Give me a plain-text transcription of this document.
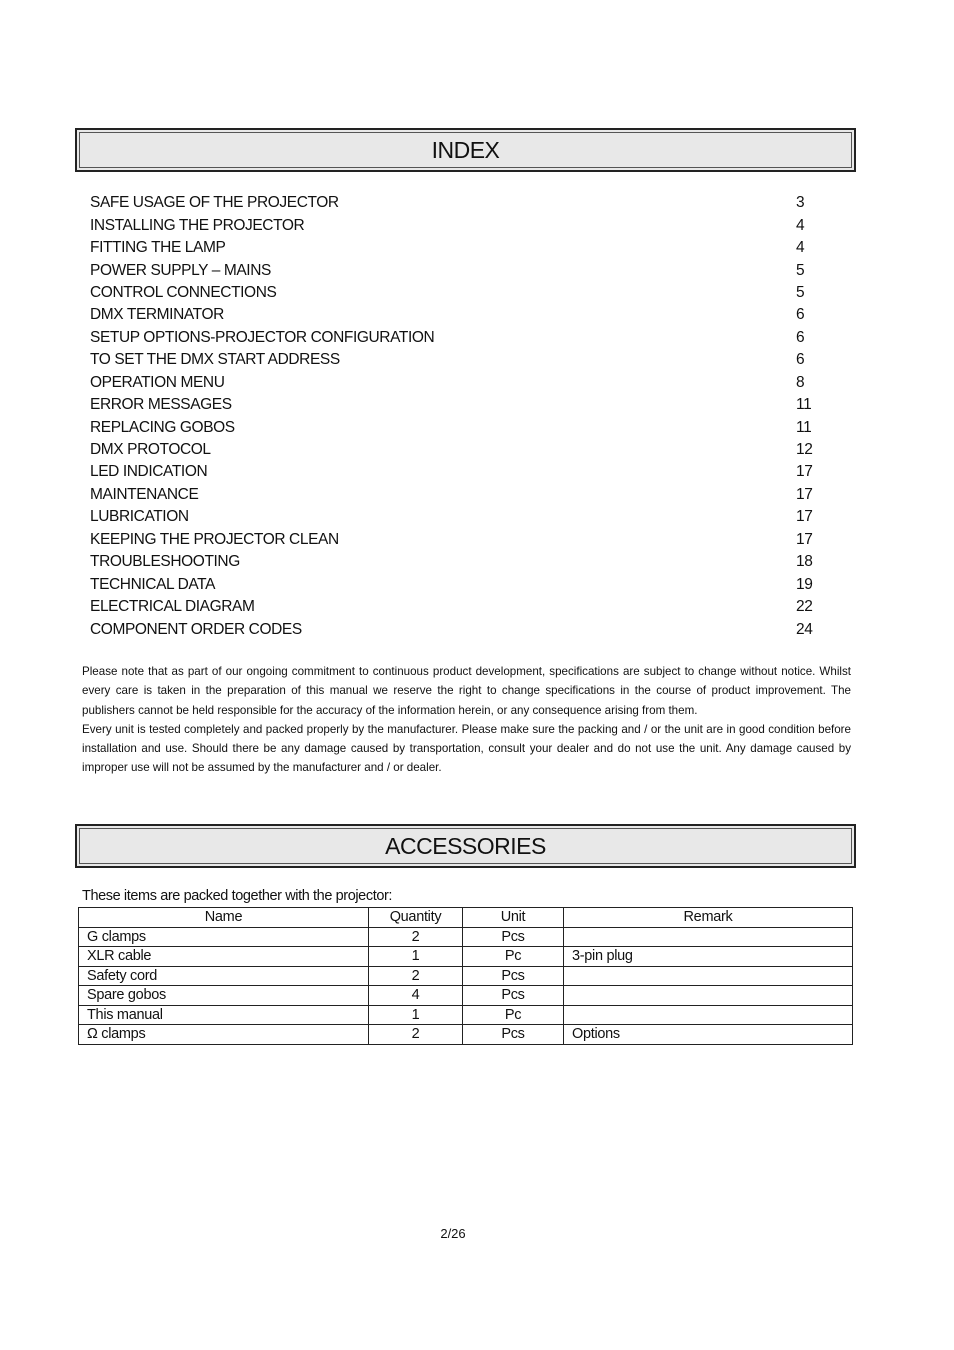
INDEX
SAFE USAGE OF THE PROJECTOR	3
INSTALLING THE PROJECTOR	4
FITTING THE LAMP	4
POWER SUPPLY – MAINS	5
CONTROL CONNECTIONS	5
DMX TERMINATOR	6
SETUP OPTIONS-PROJECTOR CONFIGURATION	6
TO SET THE DMX START ADDRESS	6
OPERATION MENU	8
ERROR MESSAGES	11
REPLACING GOBOS	11
DMX PROTOCOL	12
LED INDICATION	17
MAINTENANCE	17
LUBRICATION	17
KEEPING THE PROJECTOR CLEAN	17
TROUBLESHOOTING	18
TECHNICAL DATA	19
ELECTRICAL DIAGRAM	22
COMPONENT ORDER CODES	24

Please note that as part of our ongoing commitment to continuous product development, specifications are subject to change without notice. Whilst every care is taken in the preparation of this manual we reserve the right to change specifications in the course of product improvement. The publishers cannot be held responsible for the accuracy of the information herein, or any consequence arising from them.

Every unit is tested completely and packed properly by the manufacturer. Please make sure the packing and / or the unit are in good condition before installation and use. Should there be any damage caused by transportation, consult your dealer and do not use the unit. Any damage caused by improper use will not be assumed by the manufacturer and / or dealer.

ACCESSORIES
These items are packed together with the projector:
Name	Quantity	Unit	Remark
G clamps	2	Pcs	
XLR cable	1	Pc	3-pin plug
Safety cord	2	Pcs	
Spare gobos	4	Pcs	
This manual	1	Pc	
Ω clamps	2	Pcs	Options
2/26
